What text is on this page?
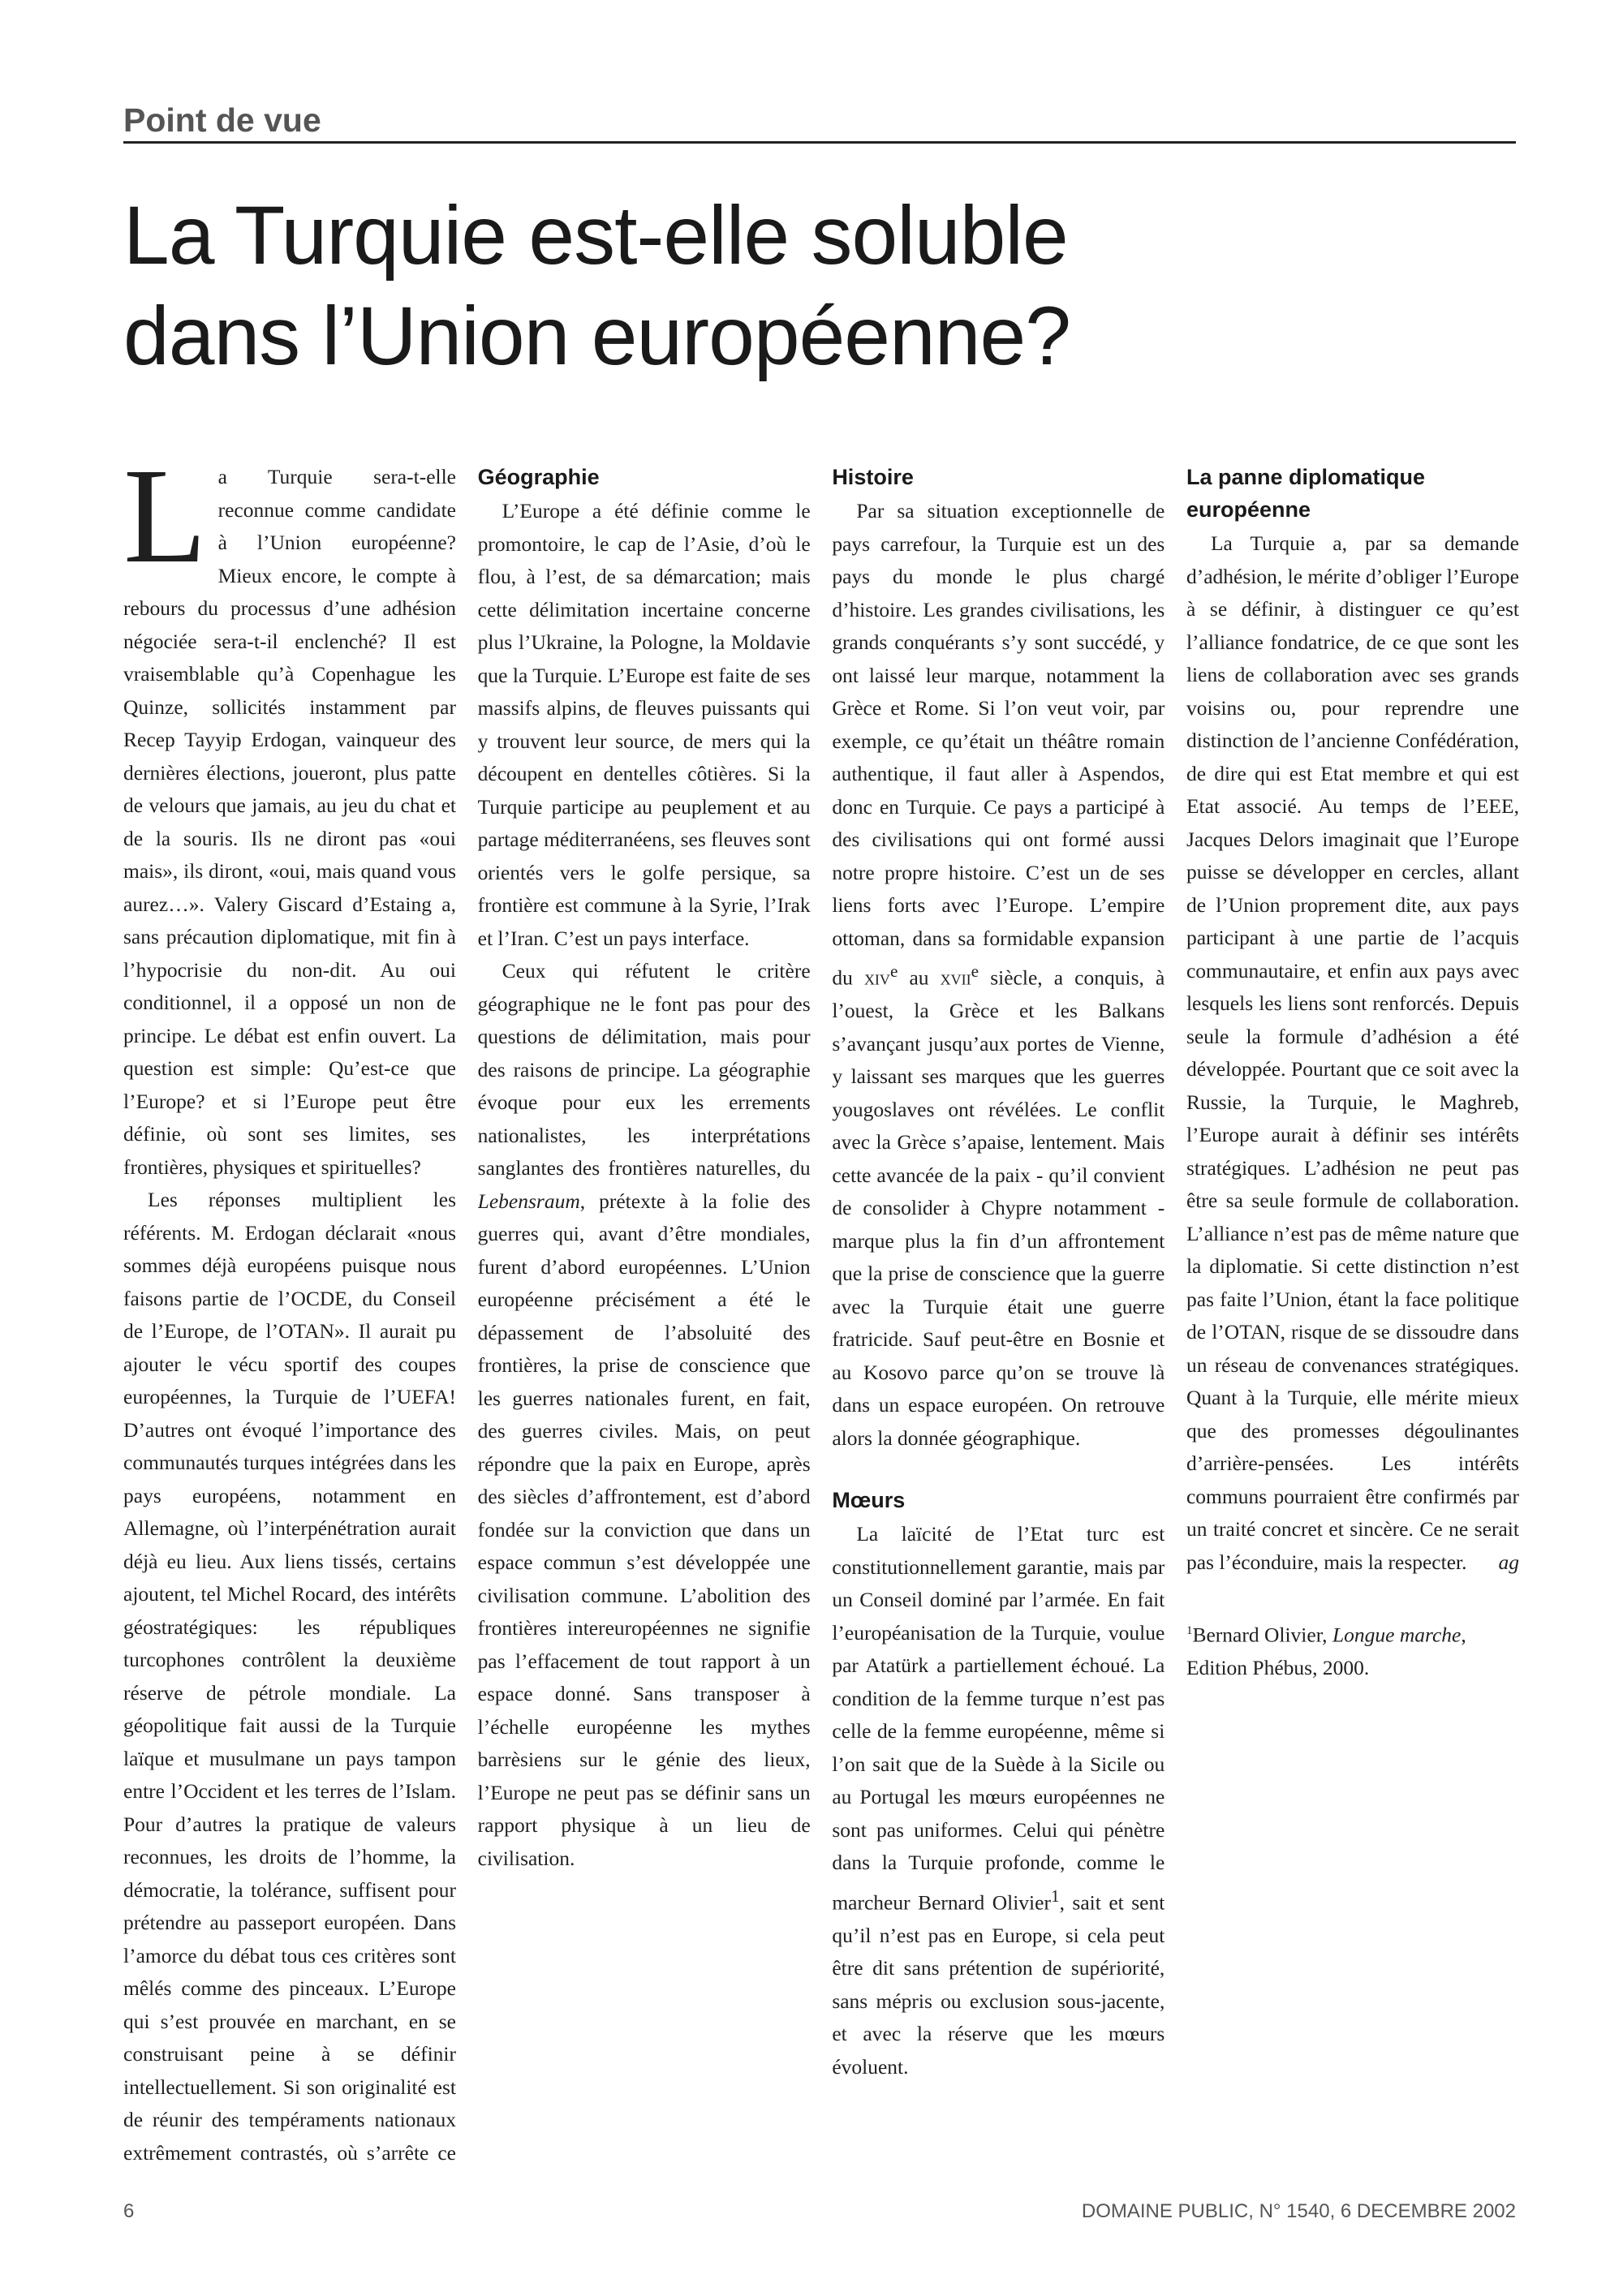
Point de vue
La Turquie est-elle soluble
dans l’Union européenne?

La Turquie sera-t-elle reconnue comme candidate à l’Union européenne? Mieux encore, le compte à rebours du processus d’une adhésion négociée sera-t-il enclenché? Il est vraisemblable qu’à Copenhague les Quinze, sollicités instamment par Recep Tayyip Erdogan, vainqueur des dernières élections, joueront, plus patte de velours que jamais, au jeu du chat et de la souris. Ils ne diront pas «oui mais», ils diront, «oui, mais quand vous aurez…». Valery Giscard d’Estaing a, sans précaution diplomatique, mit fin à l’hypocrisie du non-dit. Au oui conditionnel, il a opposé un non de principe. Le débat est enfin ouvert. La question est simple: Qu’est-ce que l’Europe? et si l’Europe peut être définie, où sont ses limites, ses frontières, physiques et spirituelles?

Les réponses multiplient les référents. M. Erdogan déclarait «nous sommes déjà européens puisque nous faisons partie de l’OCDE, du Conseil de l’Europe, de l’OTAN». Il aurait pu ajouter le vécu sportif des coupes européennes, la Turquie de l’UEFA! D’autres ont évoqué l’importance des communautés turques intégrées dans les pays européens, notamment en Allemagne, où l’interpénétration aurait déjà eu lieu. Aux liens tissés, certains ajoutent, tel Michel Rocard, des intérêts géostratégiques: les républiques turcophones contrôlent la deuxième réserve de pétrole mondiale. La géopolitique fait aussi de la Turquie laïque et musulmane un pays tampon entre l’Occident et les terres de l’Islam. Pour d’autres la pratique de valeurs reconnues, les droits de l’homme, la démocratie, la tolérance, suffisent pour prétendre au passeport européen. Dans l’amorce du débat tous ces critères sont mêlés comme des pinceaux. L’Europe qui s’est prouvée en marchant, en se construisant peine à se définir intellectuellement. Si son originalité est de réunir des tempéraments nationaux extrêmement contrastés, où s’arrête ce

Géographie

L’Europe a été définie comme le promontoire, le cap de l’Asie, d’où le flou, à l’est, de sa démarcation; mais cette délimitation incertaine concerne plus l’Ukraine, la Pologne, la Moldavie que la Turquie. L’Europe est faite de ses massifs alpins, de fleuves puissants qui y trouvent leur source, de mers qui la découpent en dentelles côtières. Si la Turquie participe au peuplement et au partage méditerranéens, ses fleuves sont orientés vers le golfe persique, sa frontière est commune à la Syrie, l’Irak et l’Iran. C’est un pays interface.

Ceux qui réfutent le critère géographique ne le font pas pour des questions de délimitation, mais pour des raisons de principe. La géographie évoque pour eux les errements nationalistes, les interprétations sanglantes des frontières naturelles, du Lebensraum, prétexte à la folie des guerres qui, avant d’être mondiales, furent d’abord européennes. L’Union européenne précisément a été le dépassement de l’absoluité des frontières, la prise de conscience que les guerres nationales furent, en fait, des guerres civiles. Mais, on peut répondre que la paix en Europe, après des siècles d’affrontement, est d’abord fondée sur la conviction que dans un espace commun s’est développée une civilisation commune. L’abolition des frontières intereuropéennes ne signifie pas l’effacement de tout rapport à un espace donné. Sans transposer à l’échelle européenne les mythes barrèsiens sur le génie des lieux, l’Europe ne peut pas se définir sans un rapport physique à un lieu de civilisation.

Histoire

Par sa situation exceptionnelle de pays carrefour, la Turquie est un des pays du monde le plus chargé d’histoire. Les grandes civilisations, les grands conquérants s’y sont succédé, y ont laissé leur marque, notamment la Grèce et Rome. Si l’on veut voir, par exemple, ce qu’était un théâtre romain authentique, il faut aller à Aspendos, donc en Turquie. Ce pays a participé à des civilisations qui ont formé aussi notre propre histoire. C’est un de ses liens forts avec l’Europe. L’empire ottoman, dans sa formidable expansion du xiv$^e$ au xvii$^e$ siècle, a conquis, à l’ouest, la Grèce et les Balkans s’avançant jusqu’aux portes de Vienne, y laissant ses marques que les guerres yougoslaves ont révélées. Le conflit avec la Grèce s’apaise, lentement. Mais cette avancée de la paix - qu’il convient de consolider à Chypre notamment - marque plus la fin d’un affrontement que la prise de conscience que la guerre avec la Turquie était une guerre fratricide. Sauf peut-être en Bosnie et au Kosovo parce qu’on se trouve là dans un espace européen. On retrouve alors la donnée géographique.

Mœurs

La laïcité de l’Etat turc est constitutionnellement garantie, mais par un Conseil dominé par l’armée. En fait l’européanisation de la Turquie, voulue par Atatürk a partiellement échoué. La condition de la femme turque n’est pas celle de la femme européenne, même si l’on sait que de la Suède à la Sicile ou au Portugal les mœurs européennes ne sont pas uniformes. Celui qui pénètre dans la Turquie profonde, comme le marcheur Bernard Olivier$^1$, sait et sent qu’il n’est pas en Europe, si cela peut être dit sans prétention de supériorité, sans mépris ou exclusion sous-jacente, et avec la réserve que les mœurs évoluent.

La panne diplomatique européenne

La Turquie a, par sa demande d’adhésion, le mérite d’obliger l’Europe à se définir, à distinguer ce qu’est l’alliance fondatrice, de ce que sont les liens de collaboration avec ses grands voisins ou, pour reprendre une distinction de l’ancienne Confédération, de dire qui est Etat membre et qui est Etat associé. Au temps de l’EEE, Jacques Delors imaginait que l’Europe puisse se développer en cercles, allant de l’Union proprement dite, aux pays participant à une partie de l’acquis communautaire, et enfin aux pays avec lesquels les liens sont renforcés. Depuis seule la formule d’adhésion a été développée. Pourtant que ce soit avec la Russie, la Turquie, le Maghreb, l’Europe aurait à définir ses intérêts stratégiques. L’adhésion ne peut pas être sa seule formule de collaboration. L’alliance n’est pas de même nature que la diplomatie. Si cette distinction n’est pas faite l’Union, étant la face politique de l’OTAN, risque de se dissoudre dans un réseau de convenances stratégiques. Quant à la Turquie, elle mérite mieux que des promesses dégoulinantes d’arrière-pensées. Les intérêts communs pourraient être confirmés par un traité concret et sincère. Ce ne serait pas l’éconduire, mais la respecter.	ag

$^1$Bernard Olivier, Longue marche, Edition Phébus, 2000.
6	DOMAINE PUBLIC, N° 1540, 6 DECEMBRE 2002
